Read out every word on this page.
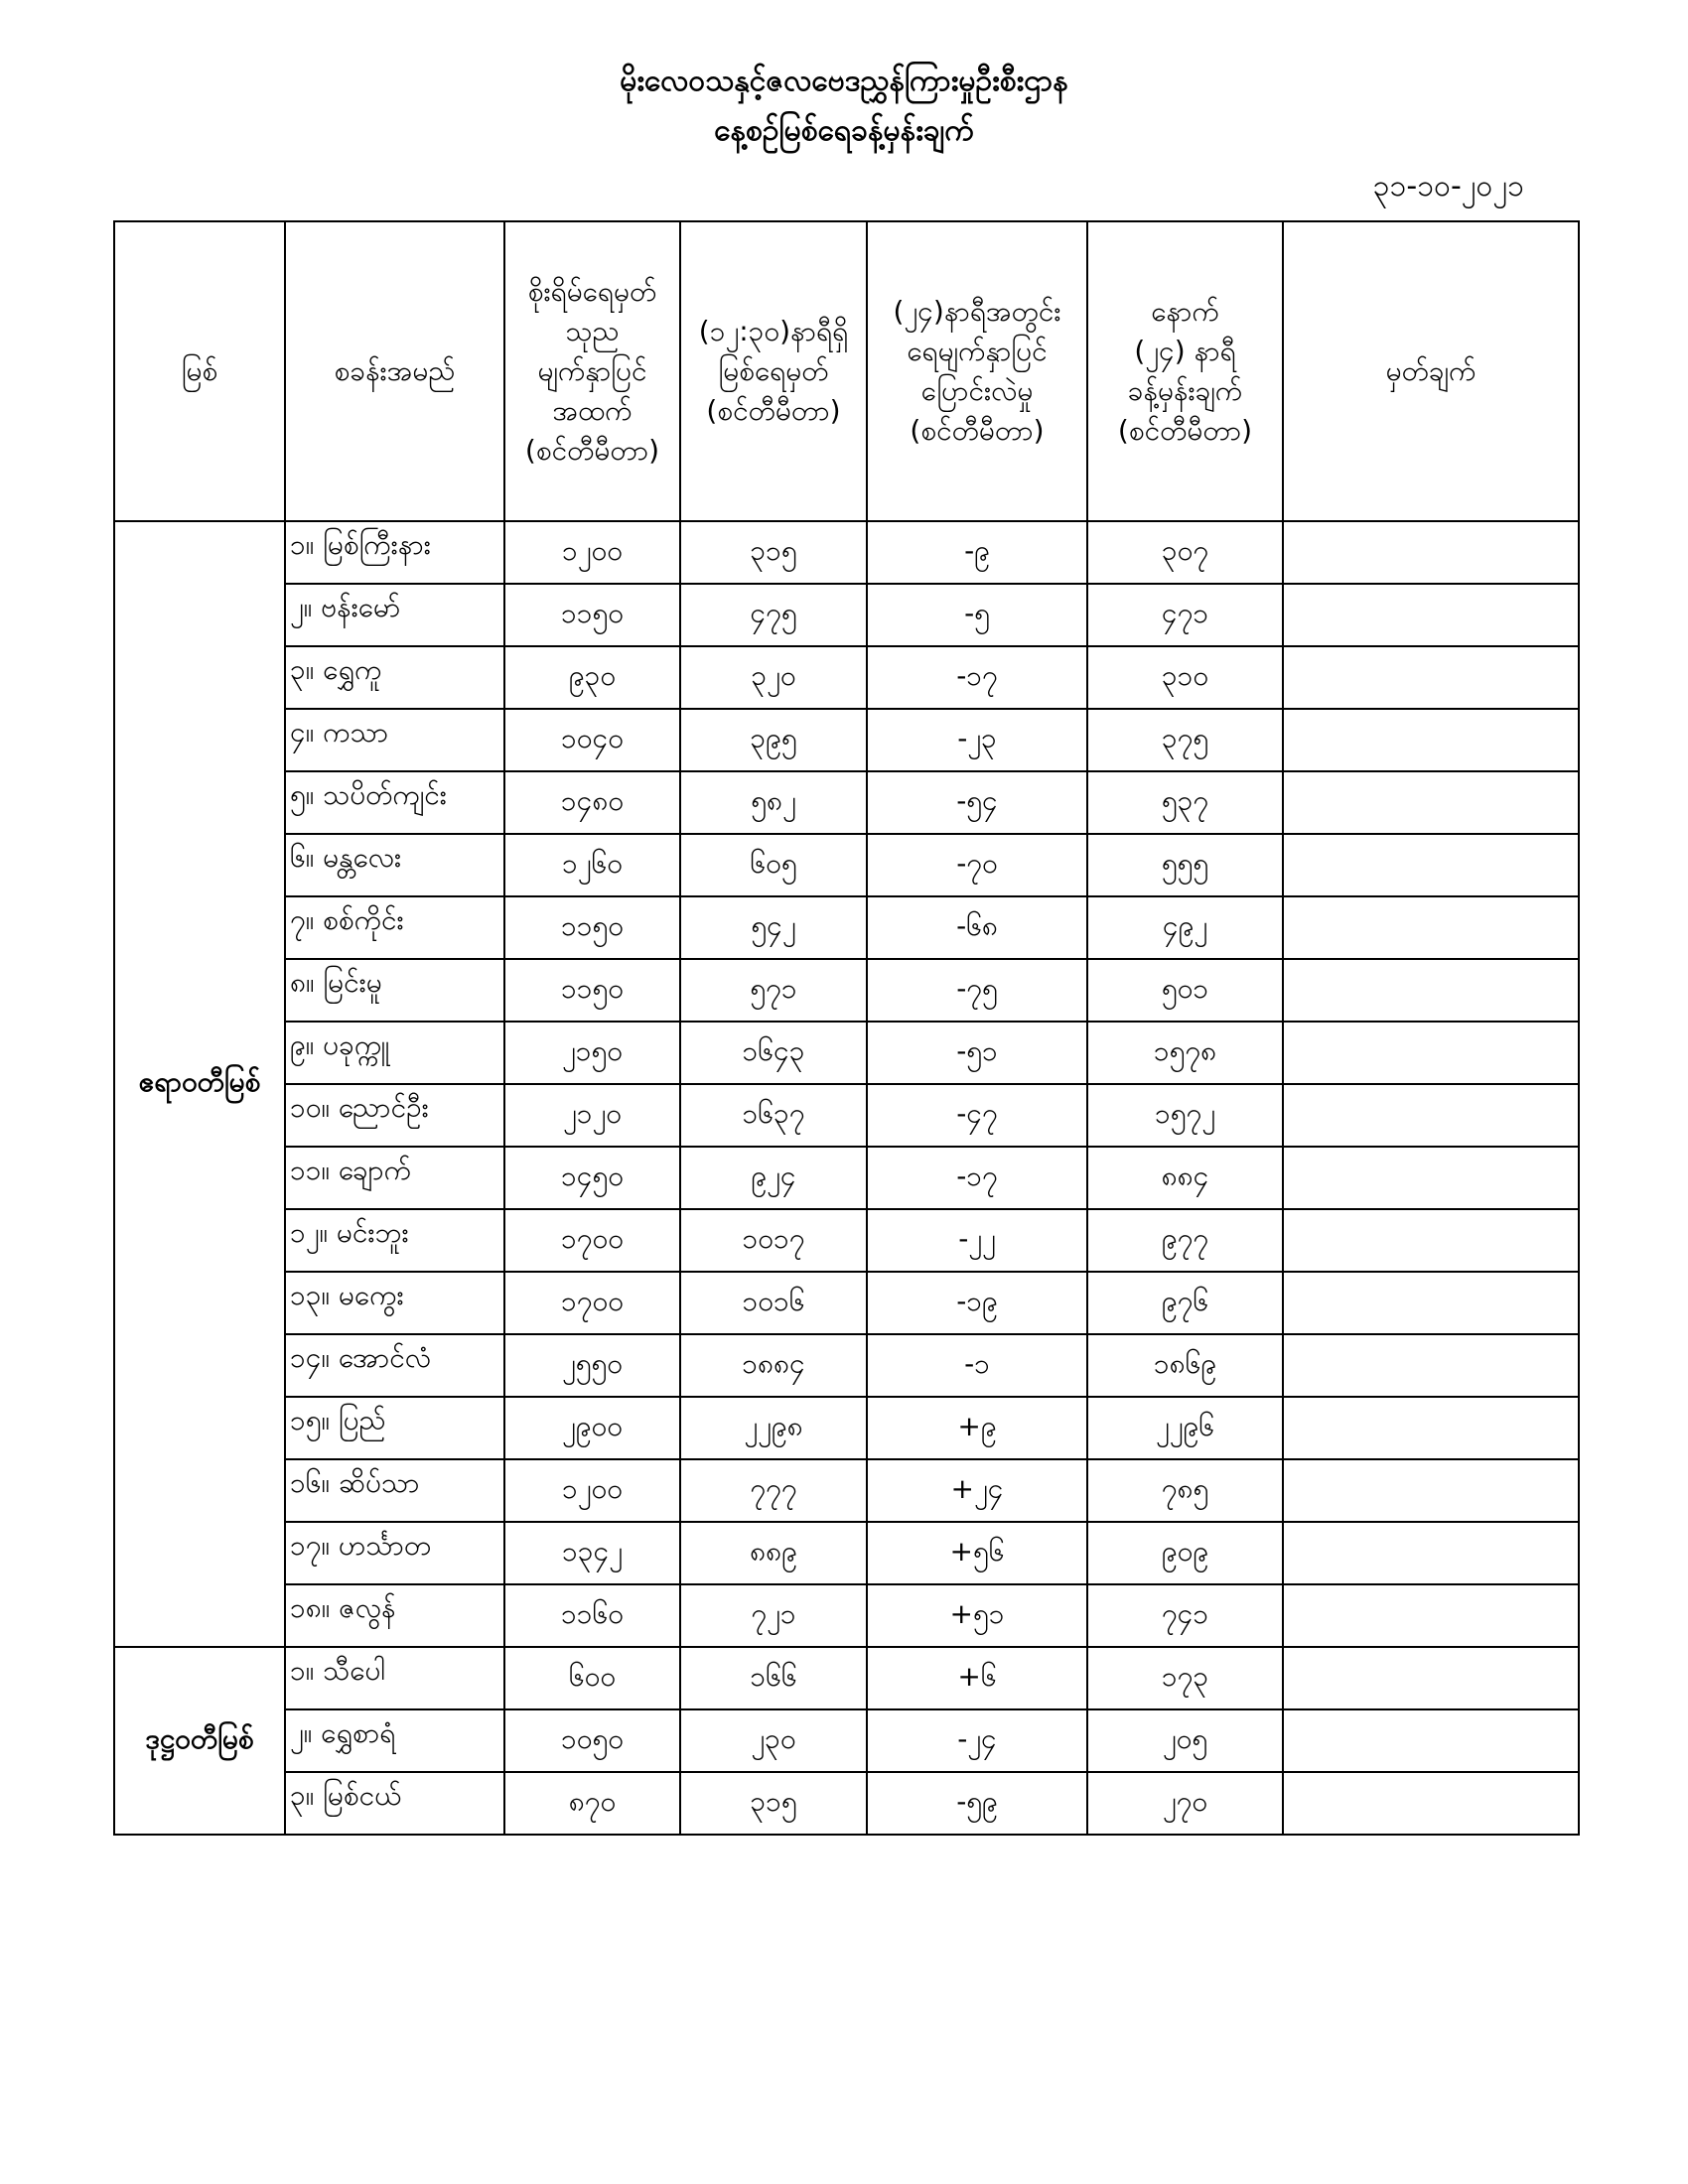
မိုးလေဝသနှင့်ဇလဗေဒညွှန်ကြားမှုဦးစီးဌာန
နေ့စဉ်မြစ်ရေခန့်မှန်းချက်
၃၁-၁၀-၂၀၂၁
မြစ်	စခန်းအမည်	စိုးရိမ်ရေမှတ်
သုည
မျက်နှာပြင်
အထက်
(စင်တီမီတာ)	(၁၂:၃၀)နာရီရှိ
မြစ်ရေမှတ်
(စင်တီမီတာ)	(၂၄)နာရီအတွင်း
ရေမျက်နှာပြင်
ပြောင်းလဲမှု
(စင်တီမီတာ)	နောက်
(၂၄) နာရီ
ခန့်မှန်းချက်
(စင်တီမီတာ)	မှတ်ချက်

ဧရာဝတီမြစ်	၁။ မြစ်ကြီးနား	၁၂၀၀	၃၁၅	-၉	၃၀၇	
	၂။ ဗန်းမော်	၁၁၅၀	၄၇၅	-၅	၄၇၁	
	၃။ ရွှေကူ	၉၃၀	၃၂၀	-၁၇	၃၁၀	
	၄။ ကသာ	၁၀၄၀	၃၉၅	-၂၃	၃၇၅	
	၅။ သပိတ်ကျင်း	၁၄၈၀	၅၈၂	-၅၄	၅၃၇	
	၆။ မန္တလေး	၁၂၆၀	၆၀၅	-၇၀	၅၅၅	
	၇။ စစ်ကိုင်း	၁၁၅၀	၅၄၂	-၆၈	၄၉၂	
	၈။ မြင်းမူ	၁၁၅၀	၅၇၁	-၇၅	၅၀၁	
	၉။ ပခုက္ကူ	၂၁၅၀	၁၆၄၃	-၅၁	၁၅၇၈	
	၁၀။ ညောင်ဦး	၂၁၂၀	၁၆၃၇	-၄၇	၁၅၇၂	
	၁၁။ ချောက်	၁၄၅၀	၉၂၄	-၁၇	၈၈၄	
	၁၂။ မင်းဘူး	၁၇၀၀	၁၀၁၇	-၂၂	၉၇၇	
	၁၃။ မကွေး	၁၇၀၀	၁၀၁၆	-၁၉	၉၇၆	
	၁၄။ အောင်လံ	၂၅၅၀	၁၈၈၄	-၁	၁၈၆၉	
	၁၅။ ပြည်	၂၉၀၀	၂၂၉၈	+၉	၂၂၉၆	
	၁၆။ ဆိပ်သာ	၁၂၀၀	၇၇၇	+၂၄	၇၈၅	
	၁၇။ ဟင်္သာတ	၁၃၄၂	၈၈၉	+၅၆	၉၀၉	
	၁၈။ ဇလွန်	၁၁၆၀	၇၂၁	+၅၁	၇၄၁	
ဒုဋ္ဌဝတီမြစ်	၁။ သီပေါ	၆၀၀	၁၆၆	+၆	၁၇၃	
	၂။ ရွှေစာရံ	၁၀၅၀	၂၃၀	-၂၄	၂၀၅	
	၃။ မြစ်ငယ်	၈၇၀	၃၁၅	-၅၉	၂၇၀	
